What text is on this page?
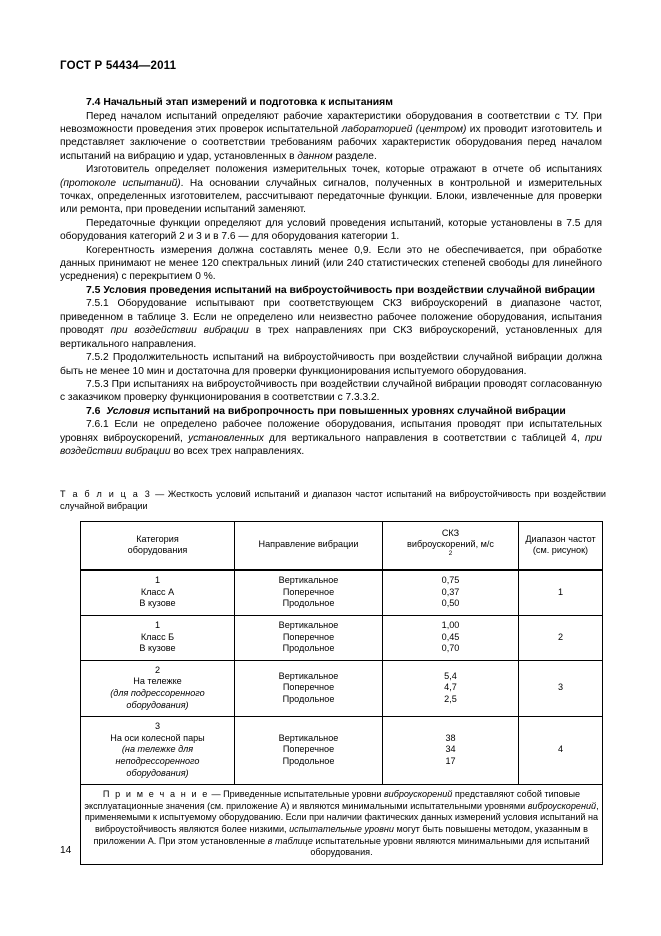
ГОСТ Р 54434—2011
7.4 Начальный этап измерений и подготовка к испытаниям

Перед началом испытаний определяют рабочие характеристики оборудования в соответствии с ТУ. При невозможности проведения этих проверок испытательной лабораторией (центром) их проводит изготовитель и представляет заключение о соответствии требованиям рабочих характеристик оборудования перед началом испытаний на вибрацию и удар, установленных в данном разделе.

Изготовитель определяет положения измерительных точек, которые отражают в отчете об испытаниях (протоколе испытаний). На основании случайных сигналов, полученных в контрольной и измерительных точках, определенных изготовителем, рассчитывают передаточные функции. Блоки, извлеченные для проверки или ремонта, при проведении испытаний заменяют.

Передаточные функции определяют для условий проведения испытаний, которые установлены в 7.5 для оборудования категорий 2 и 3 и в 7.6 — для оборудования категории 1.

Когерентность измерения должна составлять менее 0,9. Если это не обеспечивается, при обработке данных принимают не менее 120 спектральных линий (или 240 статистических степеней свободы для линейного усреднения) с перекрытием 0 %.

7.5 Условия проведения испытаний на виброустойчивость при воздействии случайной вибрации

7.5.1 Оборудование испытывают при соответствующем СКЗ виброускорений в диапазоне частот, приведенном в таблице 3. Если не определено или неизвестно рабочее положение оборудования, испытания проводят при воздействии вибрации в трех направлениях при СКЗ виброускорений, установленных для вертикального направления.

7.5.2 Продолжительность испытаний на виброустойчивость при воздействии случайной вибрации должна быть не менее 10 мин и достаточна для проверки функционирования испытуемого оборудования.

7.5.3 При испытаниях на виброустойчивость при воздействии случайной вибрации проводят согласованную с заказчиком проверку функционирования в соответствии с 7.3.3.2.

7.6  Условия испытаний на вибропрочность при повышенных уровнях случайной вибрации

7.6.1 Если не определено рабочее положение оборудования, испытания проводят при испытательных уровнях виброускорений, установленных для вертикального направления в соответствии с таблицей 4, при воздействии вибрации во всех трех направлениях.

Т а б л и ц а 3 — Жесткость условий испытаний и диапазон частот испытаний на виброустойчивость при воздействии случайной вибрации
Категория
оборудования	Направление вибрации	СКЗ
виброускорений, м/с
$^2$	Диапазон частот
(см. рисунок)

1
Класс А
В кузове	Вертикальное
Поперечное
Продольное	0,75
0,37
0,50	1

1
Класс Б
В кузове	Вертикальное
Поперечное
Продольное	1,00
0,45
0,70	2

2
На тележке
(для подрессоренного
оборудования)	Вертикальное
Поперечное
Продольное	5,4
4,7
2,5	3

3
На оси колесной пары
(на тележке для
неподрессоренного
оборудования)	Вертикальное
Поперечное
Продольное	38
34
17	4
П р и м е ч а н и е — Приведенные испытательные уровни виброускорений представляют собой типовые эксплуатационные значения (см. приложение А) и являются минимальными испытательными уровнями виброускорений, применяемыми к испытуемому оборудованию. Если при наличии фактических данных измерений условия испытаний на виброустойчивость являются более низкими, испытательные уровни могут быть повышены методом, указанным в приложении А. При этом установленные в таблице испытательные уровни являются минимальными для испытаний оборудования.			
14
